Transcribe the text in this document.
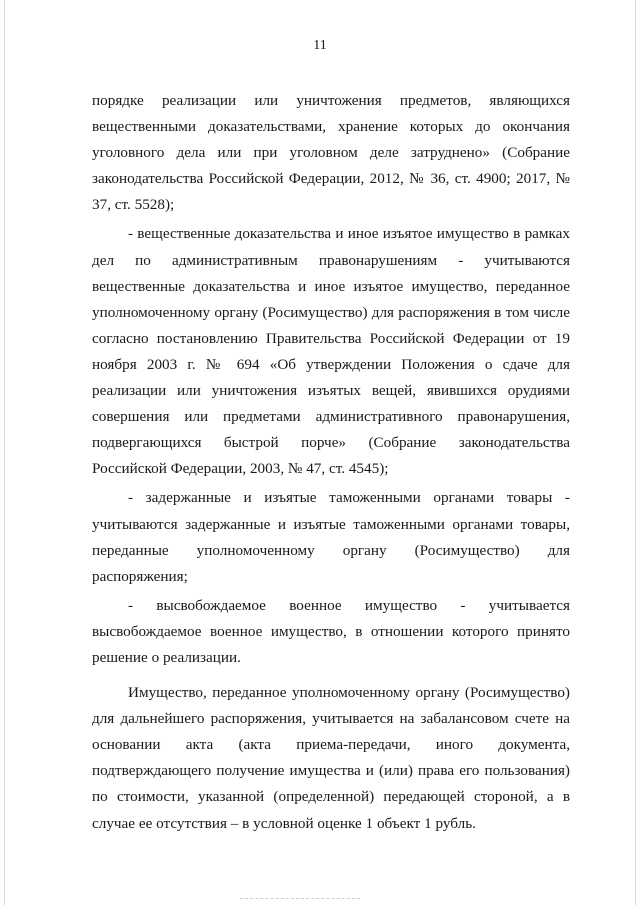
11

порядке реализации или уничтожения предметов, являющихся вещественными доказательствами, хранение которых до окончания уголовного дела или при уголовном деле затруднено» (Собрание законодательства Российской Федерации, 2012, № 36, ст. 4900; 2017, № 37, ст. 5528);

- вещественные доказательства и иное изъятое имущество в рамках дел по административным правонарушениям - учитываются вещественные доказательства и иное изъятое имущество, переданное уполномоченному органу (Росимущество) для распоряжения в том числе согласно постановлению Правительства Российской Федерации от 19 ноября 2003 г. № 694 «Об утверждении Положения о сдаче для реализации или уничтожения изъятых вещей, явившихся орудиями совершения или предметами административного правонарушения, подвергающихся быстрой порче» (Собрание законодательства Российской Федерации, 2003, № 47, ст. 4545);

- задержанные и изъятые таможенными органами товары - учитываются задержанные и изъятые таможенными органами товары, переданные уполномоченному органу (Росимущество) для распоряжения;

- высвобождаемое военное имущество - учитывается высвобождаемое военное имущество, в отношении которого принято решение о реализации.

Имущество, переданное уполномоченному органу (Росимущество) для дальнейшего распоряжения, учитывается на забалансовом счете на основании акта (акта приема-передачи, иного документа, подтверждающего получение имущества и (или) права его пользования) по стоимости, указанной (определенной) передающей стороной, а в случае ее отсутствия – в условной оценке 1 объект 1 рубль.
